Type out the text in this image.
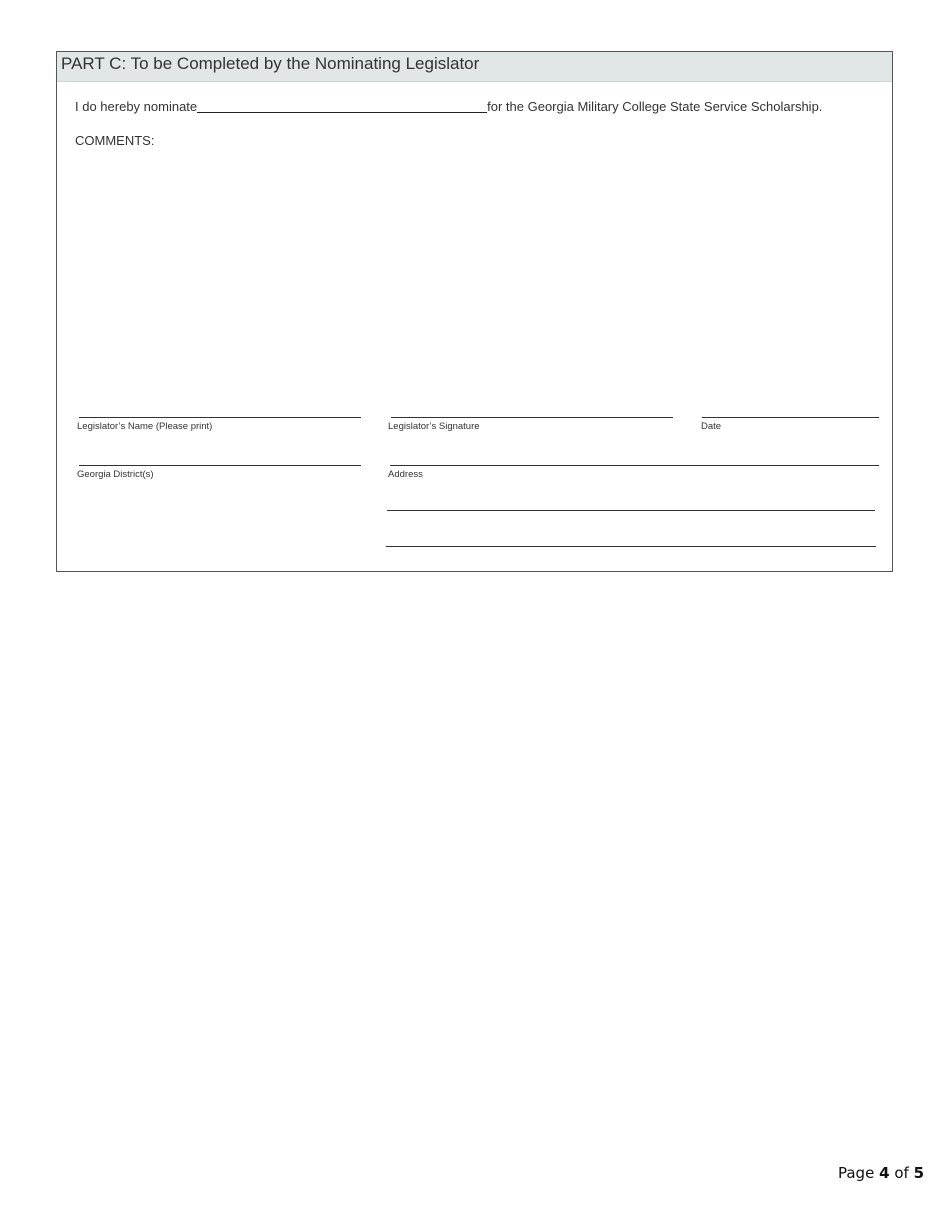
PART C: To be Completed by the Nominating Legislator
I do hereby nominate	for the Georgia Military College State Service Scholarship.
COMMENTS:
Legislator’s Name (Please print)	Legislator’s Signature	Date
Georgia District(s)	Address
Page 4 of 5
